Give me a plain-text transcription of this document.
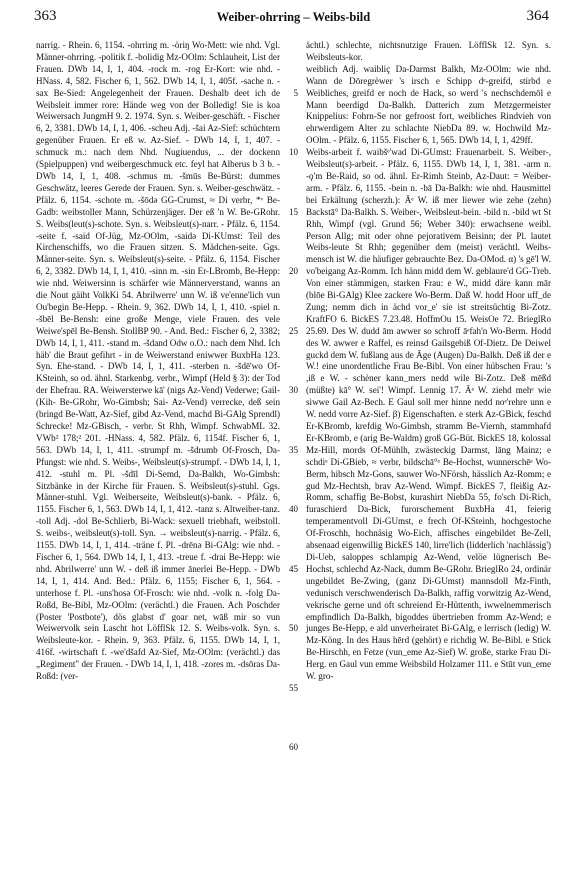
363	Weiber-ohrring – Weibs-bild	364
narrig. - Rhein. 6, 1154. -ohrring m. -òriŋ Wo-Mett: wie nhd. Vgl. Männer-ohrring. -politik f. -bolidig Mz-OOlm: Schlauheit, List der Frauen. DWb 14, I, 1, 404. -rock m. -rog Er-Kort: wie nhd. -HNass. 4, 582. Fischer 6, 1, 562. DWb 14, I, 1, 405f. -sache n. -sax Be-Sied: Angelegenheit der Frauen. Deshalb deet ich de Weibsleit immer rore: Hände weg von der Bolledig! Sie is koa Weiwersach JungmH 9. 2. 1974. Syn. s. Weiber-geschäft. - Fischer 6, 2, 3381. DWb 14, I, 1, 406. -scheu Adj. -šai Az-Sief: schüchtern gegenüber Frauen. Er eß w. Az-Sief. - DWb 14, I, 1, 407. -schmuck m.: nach dem Nhd. Nugiuendus, ... der dockenn (Spielpuppen) vnd weibergeschmuck etc. feyl hat Alberus b 3 b. - DWb 14, I, 1, 408. -schmus m. -šmūs Be-Bürst: dummes Geschwätz, leeres Gerede der Frauen. Syn. s. Weiber-geschwätz. - Pfälz. 6, 1154. -schote m. -šōdə GG-Crumst, ≈ Di verbr, *ᵛ Be-Gadb: weibstoller Mann, Schürzenjäger. Der eß 'n W. Be-GRohr. S. Weibs(leut(s)-schote. Syn. s. Weibsleut(s)-narr. - Pfälz. 6, 1154. -seite f. -said Of-Jüg, Mz-OOlm, -saidə Di-KUmst: Teil des Kirchenschiffs, wo die Frauen sitzen. S. Mädchen-seite. Ggs. Männer-seite. Syn. s. Weibsleut(s)-seite. - Pfälz. 6, 1154. Fischer 6, 2, 3382. DWb 14, I, 1, 410. -sinn m. -sin Er-LBromb, Be-Hepp: wie nhd. Weiwersinn is schärfer wie Männerverstand, wanns an die Nout gäiht VolkKi 54. Abrilwerre' unn W. iß ve'enne'lich vun Ou'begin Be-Hepp. - Rhein. 9, 362. DWb 14, I, 1, 410. -spiel n. -šbēl Be-Bensh: eine große Menge, viele Frauen. des vele Weiwe'spēl Be-Bensh. StollBP 90. - And. Bed.: Fischer 6, 2, 3382; DWb 14, I, 1, 411. -stand m. -šdand Odw o.O.: nach dem Nhd. Ich häb' die Braut gefihrt - in de Weiwerstand eniwwer BuxbHa 123. Syn. Ehe-stand. - DWb 14, I, 1, 411. -sterben n. -šdē'wo Of-KSteinh, so od. ähnl. Starkenbg. verbr., Wimpf (Held § 3): der Tod der Ehefrau. RA. Weiwersterwe kā' (nigs Az-Vend) Vederwe; Gail- (Kih- Be-GRohr, Wo-Gimbsh; Sai- Az-Vend) verrecke, deß sein (bringd Be-Watt, Az-Sief, gibd Az-Vend, machd Bi-GAlg Sprendl) Schrecke! Mz-GBisch, - verbr. St Rhh, Wimpf. SchwabML 32. VWb² 178;² 201. -HNass. 4, 582. Pfälz. 6, 1154f. Fischer 6, 1, 563. DWb 14, I, 1, 411. -strumpf m. -šdrumb Of-Frosch, Da-Pfungst: wie nhd. S. Weibs-, Weibsleut(s)-strumpf. - DWb 14, I, 1, 412. -stuhl m. Pl. -šdīl Di-Semd, Da-Balkh, Wo-Gimbsh: Sitzbänke in der Kirche für Frauen. S. Weibsleut(s)-stuhl. Ggs. Männer-stuhl. Vgl. Weiberseite, Weibsleut(s)-bank. - Pfälz. 6, 1155. Fischer 6, 1, 563. DWb 14, I, 1, 412. -tanz s. Altweiber-tanz. -toll Adj. -dol Be-Schlierb, Bi-Wack: sexuell triebhaft, weibstoll. S. weibs-, weibsleut(s)-toll. Syn. → weibsleut(s)-narrig. - Pfälz. 6, 1155. DWb 14, I, 1, 414. -träne f. Pl. -drēnə Bi-GAlg: wie nhd. - Fischer 6, 1, 564. DWb 14, I, 1, 413. -treue f. -drai Be-Hepp: wie nhd. Abrilwerre' unn W. - deß iß immer ānerlei Be-Hepp. - DWb 14, I, 1, 414. And. Bed.: Pfälz. 6, 1155; Fischer 6, 1, 564. -unterhose f. Pl. -uns'hosə Of-Frosch: wie nhd. -volk n. -folg Da-Roßd, Be-Bibl, Mz-OOlm: (verächtl.) die Frauen. Ach Poschder (Poster 'Postbote'), dös glabst d' goar net, wāß mir so vun Weiwervolk sein Lascht hot LöfflSk 12. S. Weibs-volk. Syn. s. Weibsleute-kor. - Rhein. 9, 363. Pfälz. 6, 1155. DWb 14, I, 1, 416f. -wirtschaft f. -we'dšafd Az-Sief, Mz-OOlm: (verächtl.) das „Regiment" der Frauen. - DWb 14, I, 1, 418. -zores m. -dsōras Da-Roßd: (ver-
5
10
15
20
25
30
35
40
45
50
55
60
ächtl.) schlechte, nichtsnutzige Frauen. LöfflSk 12. Syn. s. Weibsleuts-kor.
weiblich Adj. waibliç Da-Darmst Balkh, Mz-OOlm: wie nhd. Wann de Dōregrèwer 's irsch e Schipp dᵉ-greifd, stirbd e Weibliches, greifd er noch de Hack, so werd 's nechschdemōl e Mann beerdigd Da-Balkh. Datterich zum Metzgermeister Knippelius: Fohrn-Se nor gefroost fort, weibliches Rindvieh von ehrwerdigem Alter zu schlachte NiebDa 89. w. Hochwild Mz-OOlm. - Pfälz. 6, 1155. Fischer 6, 1, 565. DWb 14, I, 1, 429ff.
Weibs-arbeit f. waibšᵉ'wad Di-GUmst: Frauenarbeit. S. Weiber-, Weibsleut(s)-arbeit. - Pfälz. 6, 1155. DWb 14, I, 1, 381. -arm n. -ǫ'm Be-Raid, so od. ähnl. Er-Rimh Steinb, Az-Daut: = Weiber-arm. - Pfälz. 6, 1155. -bein n. -bā Da-Balkh: wie nhd. Hausmittel bei Erkältung (scherzh.): Āᵉ W. iß mer liewer wie zehe (zehn) Backstā° Da-Balkh. S. Weiber-, Weibsleut-bein. -bild n. -bild wt St Rhh, Wimpf (vgl. Grund 56; Weber 340): erwachsene weibl. Person Allg; mit oder ohne pejorativem Beisinn; der Pl. lautet Weibs-leute St Rhh; gegenüber dem (meist) verächtl. Weibs-mensch ist W. die häufiger gebrauchte Bez. Da-OMod. α) 's gē'l W. vo'beigang Az-Romm. Ich hänn midd dem W. geblaure'd GG-Treb. Von einer stämmigen, starken Frau: e W., midd däre kann mār (blōe Bi-GAlg) Klee zackere Wo-Berm. Daß W. hodd Hoor uff_de Zung; nemm dich in ächd vor_e' sie ist streitsüchtig Bi-Zotz. KraftFO 6. BickES 7.23.48. HoffmOu 15. WeisOe 72. BrieglRo 25.69. Des W. dudd ām awwer so schroff āᵉfah'n Wo-Berm. Hodd des W. awwer e Raffel, es reinsd Gailsgebiß Of-Dietz. De Deiwel guckd dem W. fußlang aus de Āge (Augen) Da-Balkh. Deß iß der e W.! eine unordentliche Frau Be-Bibl. Von einer hübschen Frau: 's ,iß e W. - schèner kann_mers nedd wile Bi-Zotz. Deß mēßd (müßte) kā° W. sei'! Wimpf. Lennig 17. Āᵉ W. ziehd mehᵉ wie siwwe Gail Az-Bech. E Gaul soll mer hinne nedd noᵉ'rehre unn e W. nedd vorre Az-Sief. β) Eigenschaften. e sterk Az-GBick, feschd Er-KBromb, krefdig Wo-Gimbsh, stramm Be-Viernh, stammhafd Er-KBromb, e (arig Be-Waldm) groß GG-Büt. BickES 18, kolossal Mz-Hill, mords Of-Mühlh, zwästeckig Darmst, lāng Mainz; e schdiᵉ Di-GBieb, ≈ verbr, bildschā°ᵉ Be-Hochst, wunnerschēᵉ Wo-Berm, hibsch Mz-Gons, sauwer Wo-NFörsh, hässlich Az-Romm; e gud Mz-Hechtsh, brav Az-Wend. Wimpf. BickES 7, fleißig Az-Romm, schaffig Be-Bobst, kurashirt NiebDa 55, fo'sch Di-Rich, furaschierd Da-Bick, furorschement BuxbHa 41, feierig temperamentvoll Di-GUmst, e frech Of-KSteinh, hochgestoche Of-Froschh, hochnäsig Wo-Eich, affisches eingebildet Be-Zell, absenaad eigenwillig BickES 140, lirre'lich (lidderlich 'nachlässig') Di-Ueb, saloppes schlampig Az-Wend, velöe lügnerisch Be-Hochst, schlechd Az-Nack, dumm Be-GRohr. BrieglRo 24, ordinär ungebildet Be-Zwing, (ganz Di-GUmst) mannsdoll Mz-Finth, vedunisch verschwenderisch Da-Balkh, raffig vorwitzig Az-Wend, vekrische gerne und oft schreiend Er-Hüttenth, iwwelnemmerisch empfindlich Da-Balkh, bigoddes übertrieben fromm Az-Wend; e junges Be-Hepp, e ald unverheiratet Bi-GAlg, e lerrisch (ledig) W. Mz-Köng. In des Haus hērd (gehört) e richdig W. Be-Bibl. e Stick Be-Hirschh, en Fetze (vun_eme Az-Sief) W. große, starke Frau Di-Herg. en Gaul vun emme Weibsbild Holzamer 111. e Stūt vun_eme W. gro-
